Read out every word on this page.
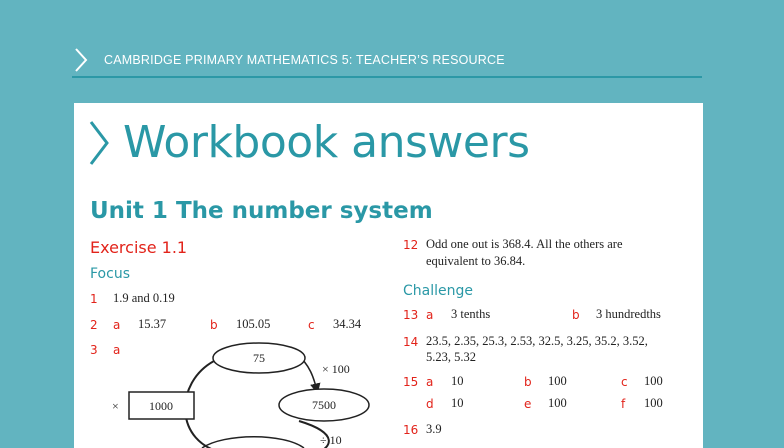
CAMBRIDGE PRIMARY MATHEMATICS 5: TEACHER’S RESOURCE
Workbook answers
Unit 1 The number system
Exercise 1.1
Focus
1 1.9 and 0.19
2 a 15.37	b 105.05	c 34.34
3 a
75
7500
×	1000
× 100
÷ 10
12 Odd one out is 368.4. All the others are
equivalent to 36.84.
Challenge
13 a 3 tenths	b 3 hundredths
14 23.5, 2.35, 25.3, 2.53, 32.5, 3.25, 35.2, 3.52,
5.23, 5.32
15 a 10	b 100	c 100
d 10	e 100	f 100
16 3.9
